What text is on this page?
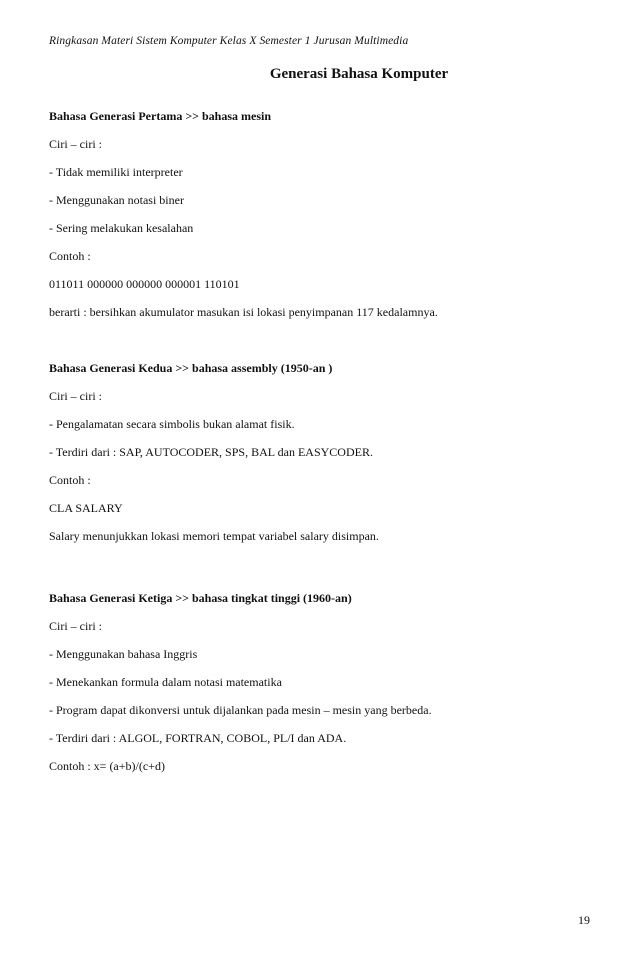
Ringkasan Materi Sistem Komputer Kelas X Semester 1 Jurusan Multimedia
Generasi Bahasa Komputer
Bahasa Generasi Pertama >> bahasa mesin
Ciri – ciri :
- Tidak memiliki interpreter
- Menggunakan notasi biner
- Sering melakukan kesalahan
Contoh :
011011 000000 000000 000001 110101
berarti : bersihkan akumulator masukan isi lokasi penyimpanan 117 kedalamnya.
Bahasa Generasi Kedua >> bahasa assembly (1950-an )
Ciri – ciri :
- Pengalamatan secara simbolis bukan alamat fisik.
- Terdiri dari : SAP, AUTOCODER, SPS, BAL dan EASYCODER.
Contoh :
CLA SALARY
Salary menunjukkan lokasi memori tempat variabel salary disimpan.
Bahasa Generasi Ketiga >> bahasa tingkat tinggi (1960-an)
Ciri – ciri :
- Menggunakan bahasa Inggris
- Menekankan formula dalam notasi matematika
- Program dapat dikonversi untuk dijalankan pada mesin – mesin yang berbeda.
- Terdiri dari : ALGOL, FORTRAN, COBOL, PL/I dan ADA.
Contoh : x= (a+b)/(c+d)
19
